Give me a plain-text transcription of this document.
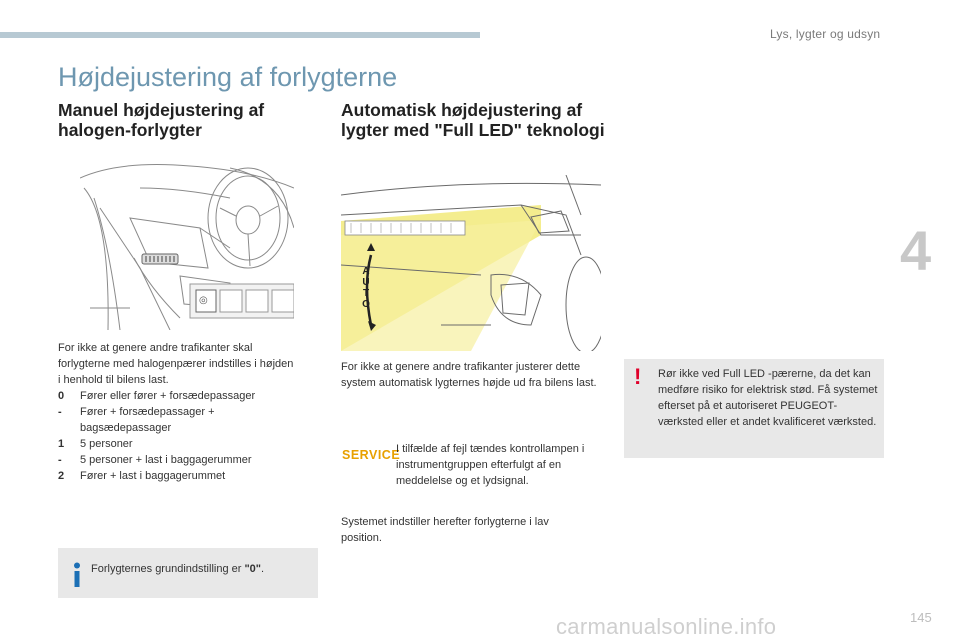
Lys, lygter og udsyn
4
Højdejustering af forlygterne
Manuel højdejustering af halogen-forlygter
Automatisk højdejustering af lygter med "Full LED" teknologi
◎
For ikke at genere andre trafikanter skal forlygterne med halogenpærer indstilles i højden i henhold til bilens last.
0	Fører eller fører + forsædepassager
-	Fører + forsædepassager + bagsædepassager
1	5 personer
-	5 personer + last i baggagerummer
2	Fører + last i baggagerummet
Forlygternes grundindstilling er "0".
A
U
T
O
For ikke at genere andre trafikanter justerer dette system automatisk lygternes højde ud fra bilens last.
SERVICE
I tilfælde af fejl tændes kontrollampen i instrumentgruppen efterfulgt af en meddelelse og et lydsignal.
Systemet indstiller herefter forlygterne i lav position.
! Rør ikke ved Full LED -pærerne, da det kan medføre risiko for elektrisk stød. Få systemet efterset på et autoriseret PEUGEOT-værksted eller et andet kvalificeret værksted.
carmanualsonline.info	145
